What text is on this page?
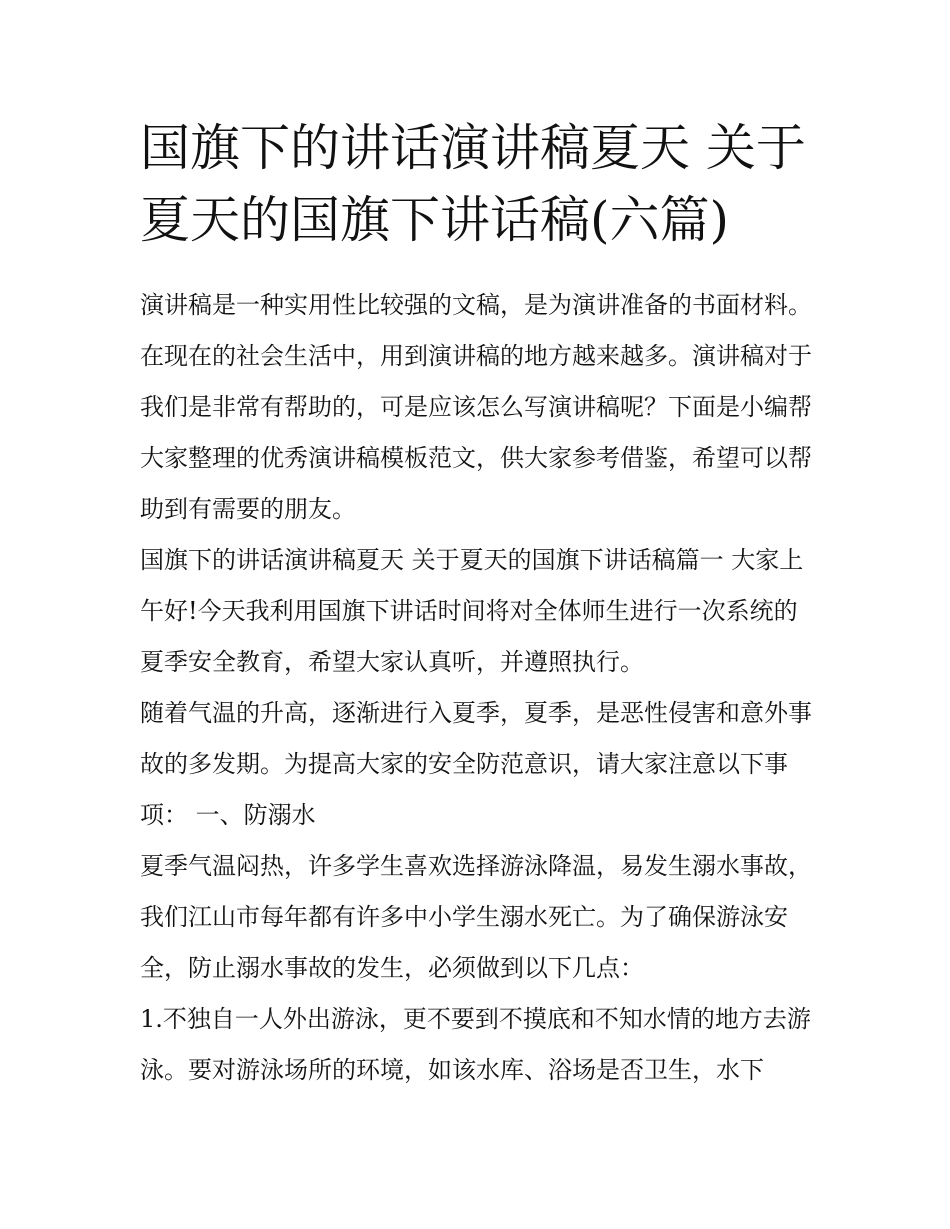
国旗下的讲话演讲稿夏天 关于夏天的国旗下讲话稿(六篇)

演讲稿是一种实用性比较强的文稿，是为演讲准备的书面材料。在现在的社会生活中，用到演讲稿的地方越来越多。演讲稿对于我们是非常有帮助的，可是应该怎么写演讲稿呢？下面是小编帮大家整理的优秀演讲稿模板范文，供大家参考借鉴，希望可以帮助到有需要的朋友。

国旗下的讲话演讲稿夏天 关于夏天的国旗下讲话稿篇一 大家上午好!今天我利用国旗下讲话时间将对全体师生进行一次系统的夏季安全教育，希望大家认真听，并遵照执行。

随着气温的升高，逐渐进行入夏季，夏季，是恶性侵害和意外事故的多发期。为提高大家的安全防范意识，请大家注意以下事项： 一、防溺水

夏季气温闷热，许多学生喜欢选择游泳降温，易发生溺水事故，我们江山市每年都有许多中小学生溺水死亡。为了确保游泳安全，防止溺水事故的发生，必须做到以下几点：

1.不独自一人外出游泳，更不要到不摸底和不知水情的地方去游泳。要对游泳场所的环境，如该水库、浴场是否卫生，水下
